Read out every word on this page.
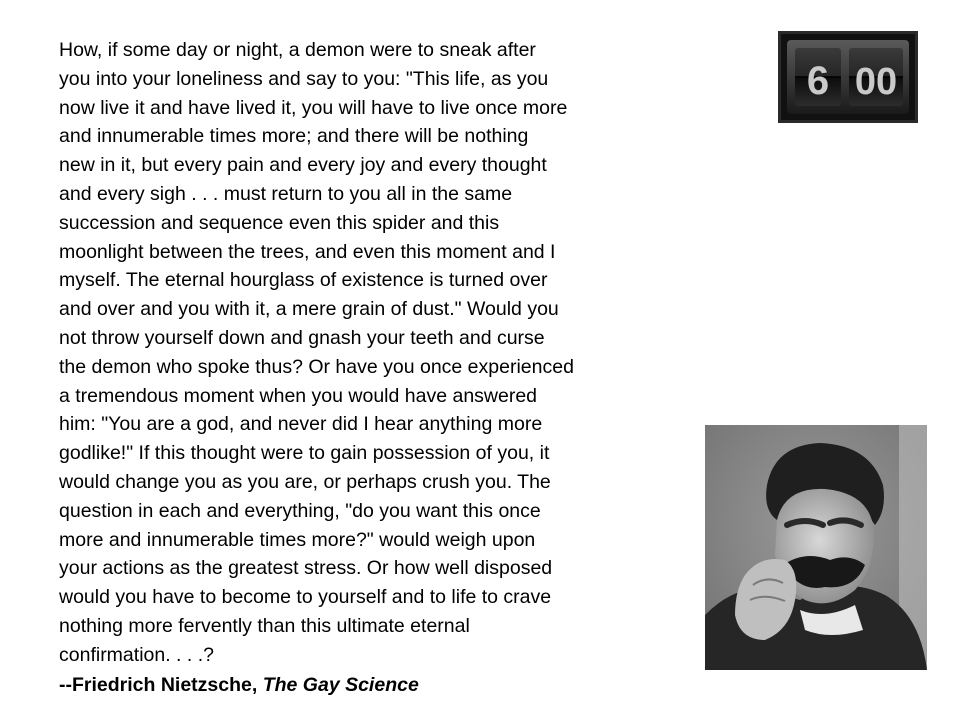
How, if some day or night, a demon were to sneak after
you into your loneliness and say to you: "This life, as you
now live it and have lived it, you will have to live once more
and innumerable times more; and there will be nothing
new in it, but every pain and every joy and every thought
and every sigh . . . must return to you all in the same
succession and sequence even this spider and this
moonlight between the trees, and even this moment and I
myself. The eternal hourglass of existence is turned over
and over and you with it, a mere grain of dust." Would you
not throw yourself down and gnash your teeth and curse
the demon who spoke thus? Or have you once experienced
a tremendous moment when you would have answered
him: "You are a god, and never did I hear anything more
godlike!" If this thought were to gain possession of you, it
would change you as you are, or perhaps crush you. The
question in each and everything, "do you want this once
more and innumerable times more?" would weigh upon
your actions as the greatest stress. Or how well disposed
would you have to become to yourself and to life to crave
nothing more fervently than this ultimate eternal
confirmation. . . .?
--Friedrich Nietzsche, The Gay Science
6 00
